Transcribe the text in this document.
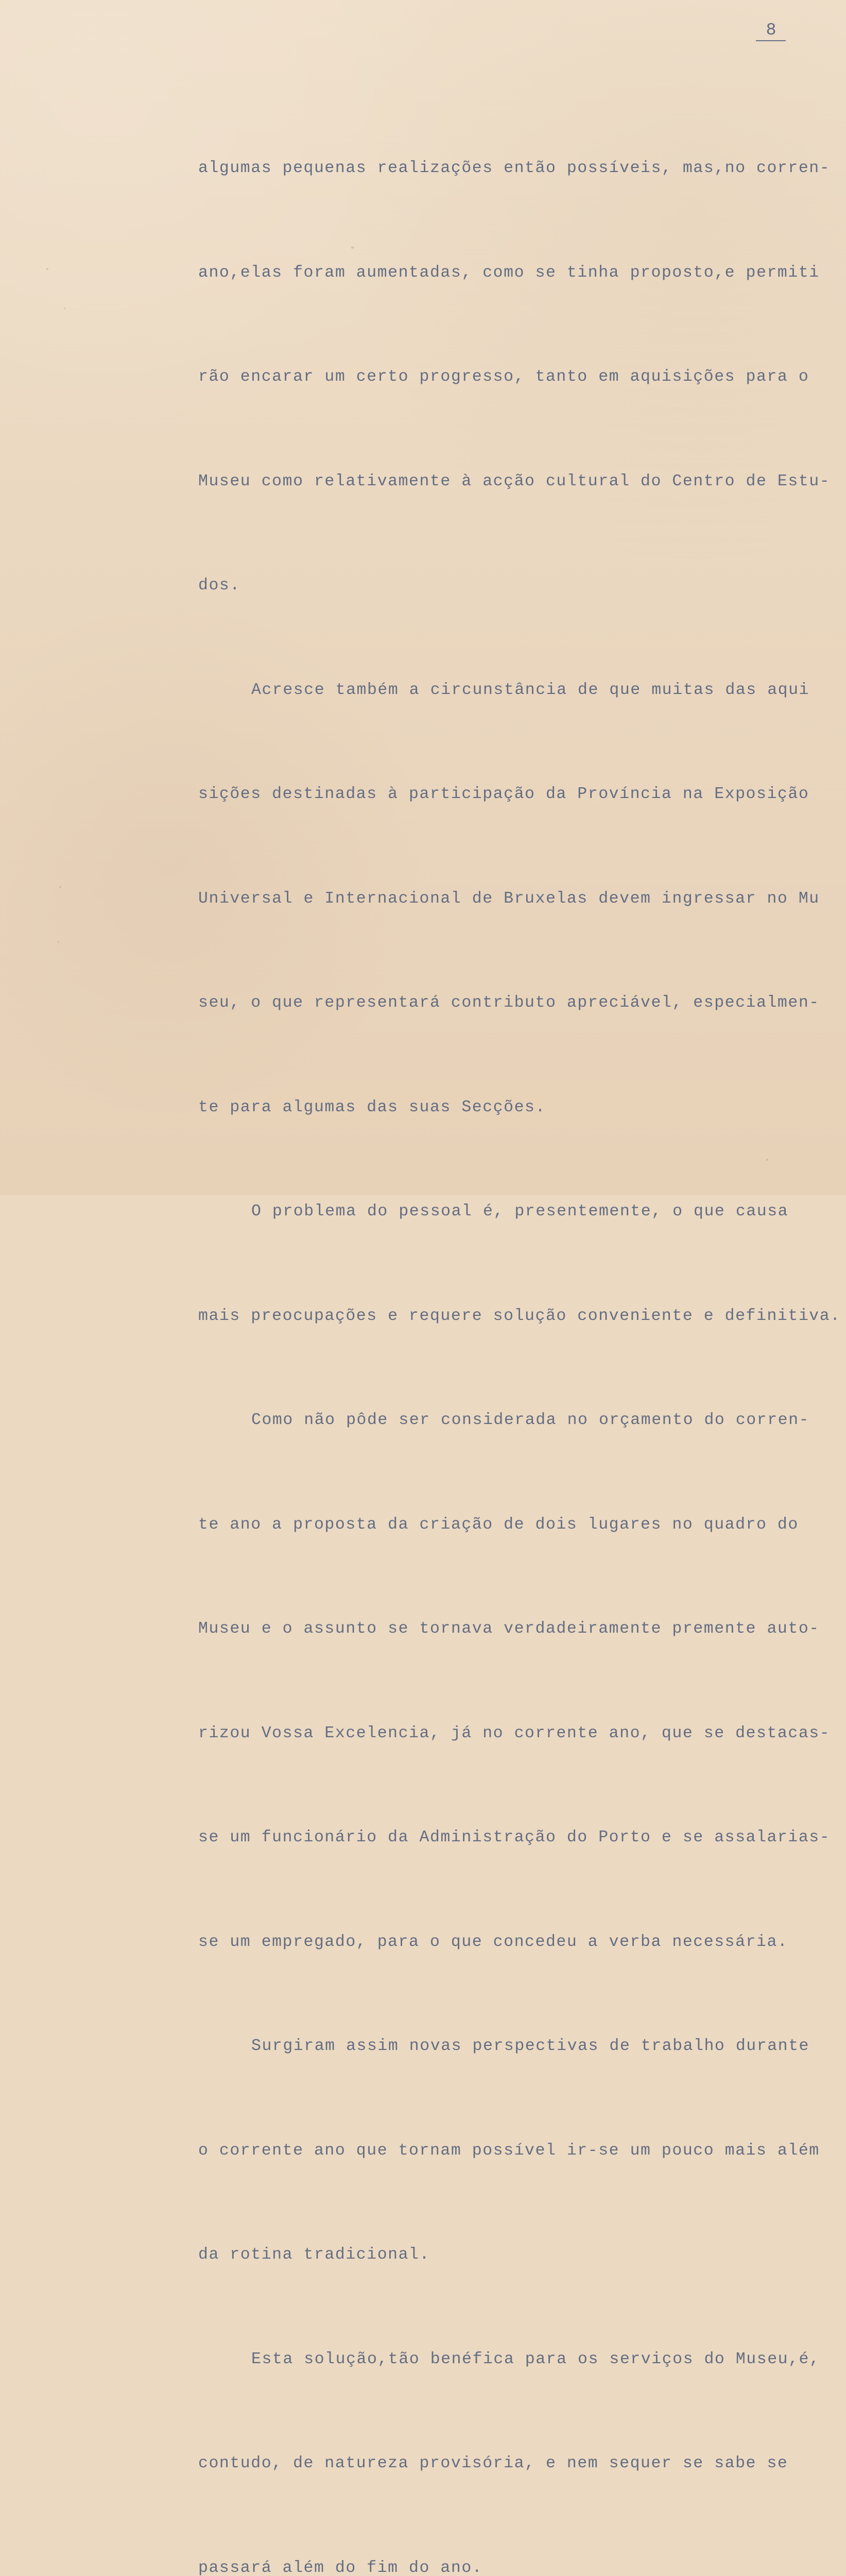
8

algumas pequenas realizações então possíveis, mas,no corren-

ano,elas foram aumentadas, como se tinha proposto,e permiti

rão encarar um certo progresso, tanto em aquisições para o

Museu como relativamente à acção cultural do Centro de Estu-

dos.

Acresce também a circunstância de que muitas das aqui

sições destinadas à participação da Província na Exposição

Universal e Internacional de Bruxelas devem ingressar no Mu

seu, o que representará contributo apreciável, especialmen-

te para algumas das suas Secções.

O problema do pessoal é, presentemente, o que causa

mais preocupações e requere solução conveniente e definitiva.

Como não pôde ser considerada no orçamento do corren-

te ano a proposta da criação de dois lugares no quadro do

Museu e o assunto se tornava verdadeiramente premente auto-

rizou Vossa Excelencia, já no corrente ano, que se destacas-

se um funcionário da Administração do Porto e se assalarias-

se um empregado, para o que concedeu a verba necessária.

Surgiram assim novas perspectivas de trabalho durante

o corrente ano que tornam possível ir-se um pouco mais além

da rotina tradicional.

Esta solução,tão benéfica para os serviços do Museu,é,

contudo, de natureza provisória, e nem sequer se sabe se

passará além do fim do ano.
